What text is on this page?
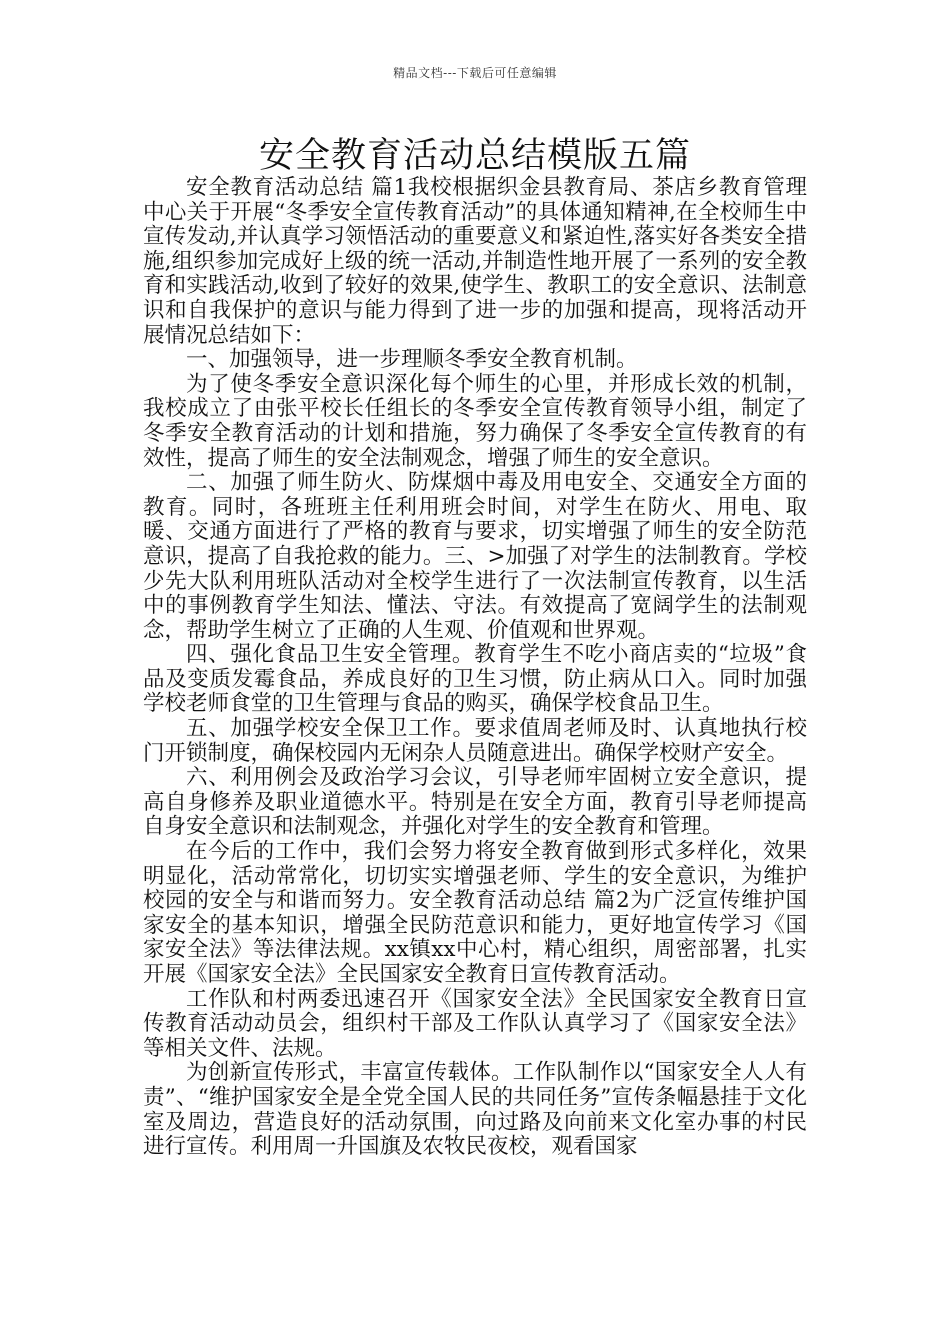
精品文档---下载后可任意编辑
安全教育活动总结模版五篇

安全教育活动总结 篇1我校根据织金县教育局、茶店乡教育管理中心关于开展“冬季安全宣传教育活动”的具体通知精神,在全校师生中宣传发动,并认真学习领悟活动的重要意义和紧迫性,落实好各类安全措施,组织参加完成好上级的统一活动,并制造性地开展了一系列的安全教育和实践活动,收到了较好的效果,使学生、教职工的安全意识、法制意识和自我保护的意识与能力得到了进一步的加强和提高，现将活动开展情况总结如下：

一、加强领导，进一步理顺冬季安全教育机制。

为了使冬季安全意识深化每个师生的心里，并形成长效的机制，我校成立了由张平校长任组长的冬季安全宣传教育领导小组，制定了冬季安全教育活动的计划和措施，努力确保了冬季安全宣传教育的有效性，提高了师生的安全法制观念，增强了师生的安全意识。

二、加强了师生防火、防煤烟中毒及用电安全、交通安全方面的教育。同时，各班班主任利用班会时间，对学生在防火、用电、取暖、交通方面进行了严格的教育与要求，切实增强了师生的安全防范意识，提高了自我抢救的能力。三、>加强了对学生的法制教育。学校少先大队利用班队活动对全校学生进行了一次法制宣传教育，以生活中的事例教育学生知法、懂法、守法。有效提高了宽阔学生的法制观念，帮助学生树立了正确的人生观、价值观和世界观。

四、强化食品卫生安全管理。教育学生不吃小商店卖的“垃圾”食品及变质发霉食品，养成良好的卫生习惯，防止病从口入。同时加强学校老师食堂的卫生管理与食品的购买，确保学校食品卫生。

五、加强学校安全保卫工作。要求值周老师及时、认真地执行校门开锁制度，确保校园内无闲杂人员随意进出。确保学校财产安全。

六、利用例会及政治学习会议，引导老师牢固树立安全意识，提高自身修养及职业道德水平。特别是在安全方面，教育引导老师提高自身安全意识和法制观念，并强化对学生的安全教育和管理。

在今后的工作中，我们会努力将安全教育做到形式多样化，效果明显化，活动常常化，切切实实增强老师、学生的安全意识，为维护校园的安全与和谐而努力。安全教育活动总结 篇2为广泛宣传维护国家安全的基本知识，增强全民防范意识和能力，更好地宣传学习《国家安全法》等法律法规。xx镇xx中心村，精心组织，周密部署，扎实开展《国家安全法》全民国家安全教育日宣传教育活动。

工作队和村两委迅速召开《国家安全法》全民国家安全教育日宣传教育活动动员会，组织村干部及工作队认真学习了《国家安全法》等相关文件、法规。

为创新宣传形式，丰富宣传载体。工作队制作以“国家安全人人有责”、“维护国家安全是全党全国人民的共同任务”宣传条幅悬挂于文化室及周边，营造良好的活动氛围，向过路及向前来文化室办事的村民进行宣传。利用周一升国旗及农牧民夜校，观看国家
